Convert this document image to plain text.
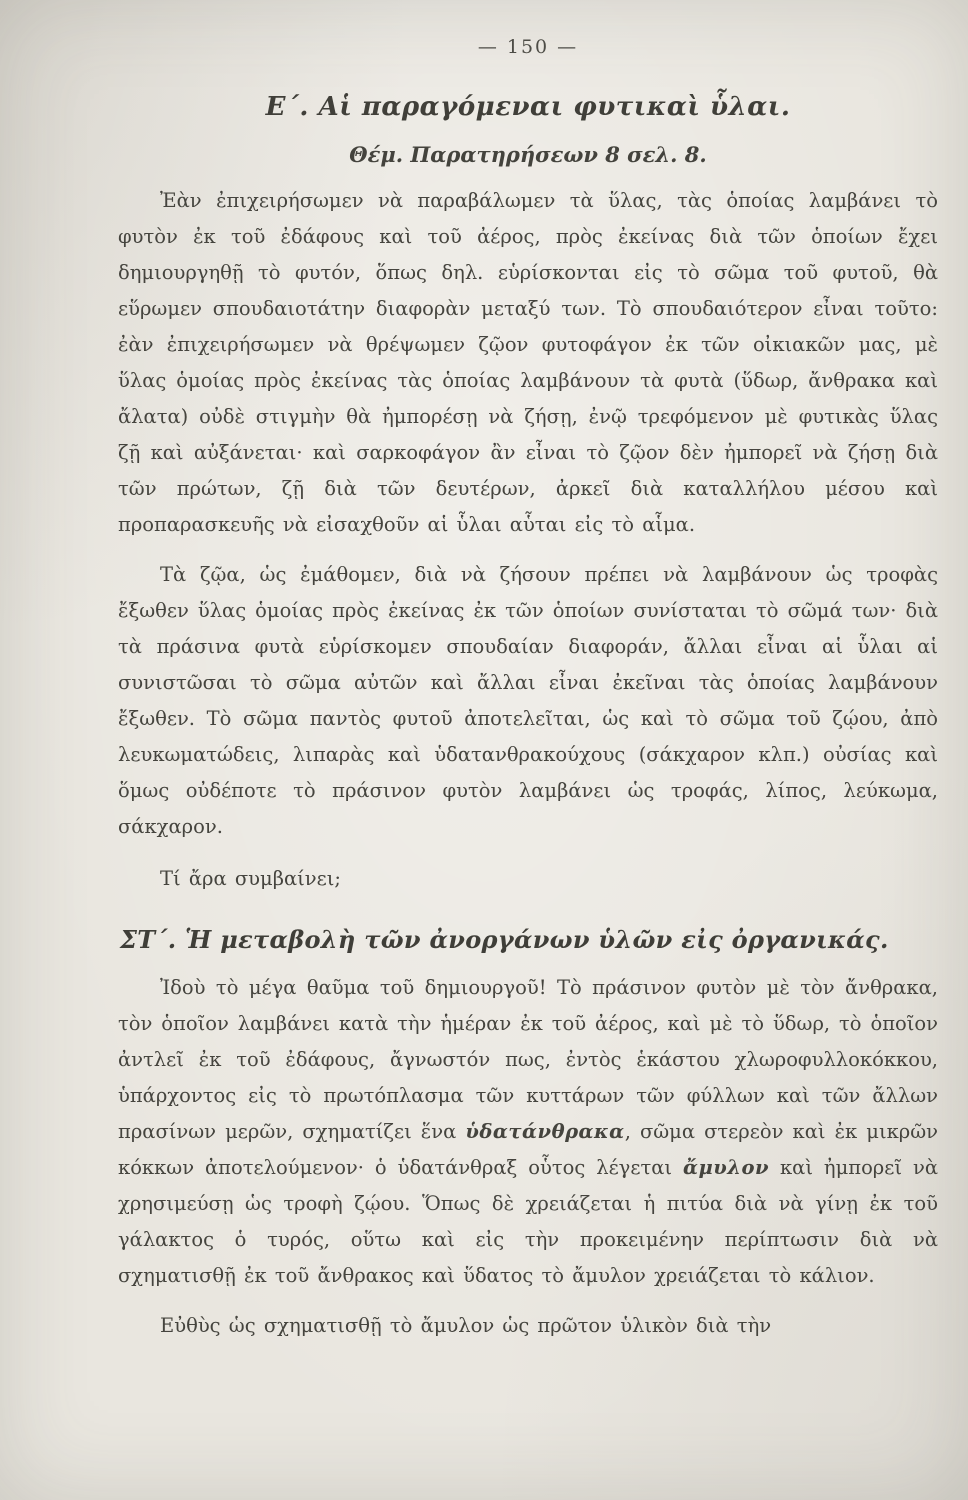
— 150 —
Ε΄. Αἱ παραγόμεναι φυτικαὶ ὗλαι.
Θέμ. Παρατηρήσεων 8 σελ. 8.

Ἐὰν ἐπιχειρήσωμεν νὰ παραβάλωμεν τὰ ὕλας, τὰς ὁποίας λαμβάνει τὸ φυτὸν ἐκ τοῦ ἐδάφους καὶ τοῦ ἀέρος, πρὸς ἐκείνας διὰ τῶν ὁποίων ἔχει δημιουργηθῇ τὸ φυτόν, ὅπως δηλ. εὑρίσκονται εἰς τὸ σῶμα τοῦ φυτοῦ, θὰ εὕρωμεν σπουδαιοτάτην διαφορὰν μεταξύ των. Τὸ σπουδαιότερον εἶναι τοῦτο: ἐὰν ἐπιχειρήσωμεν νὰ θρέψωμεν ζῷον φυτοφάγον ἐκ τῶν οἰκιακῶν μας, μὲ ὕλας ὁμοίας πρὸς ἐκείνας τὰς ὁποίας λαμβάνουν τὰ φυτὰ (ὕδωρ, ἄνθρακα καὶ ἄλατα) οὐδὲ στιγμὴν θὰ ἠμπορέσῃ νὰ ζήσῃ, ἐνῷ τρεφόμενον μὲ φυτικὰς ὕλας ζῇ καὶ αὐξάνεται· καὶ σαρκοφάγον ἂν εἶναι τὸ ζῷον δὲν ἠμπορεῖ νὰ ζήσῃ διὰ τῶν πρώτων, ζῇ διὰ τῶν δευτέρων, ἀρκεῖ διὰ καταλλήλου μέσου καὶ προπαρασκευῆς νὰ εἰσαχθοῦν αἱ ὗλαι αὗται εἰς τὸ αἷμα.

Τὰ ζῷα, ὡς ἐμάθομεν, διὰ νὰ ζήσουν πρέπει νὰ λαμβάνουν ὡς τροφὰς ἔξωθεν ὕλας ὁμοίας πρὸς ἐκείνας ἐκ τῶν ὁποίων συνίσταται τὸ σῶμά των· διὰ τὰ πράσινα φυτὰ εὑρίσκομεν σπουδαίαν διαφοράν, ἄλλαι εἶναι αἱ ὗλαι αἱ συνιστῶσαι τὸ σῶμα αὐτῶν καὶ ἄλλαι εἶναι ἐκεῖναι τὰς ὁποίας λαμβάνουν ἔξωθεν. Τὸ σῶμα παντὸς φυτοῦ ἀποτελεῖται, ὡς καὶ τὸ σῶμα τοῦ ζῴου, ἀπὸ λευκωματώδεις, λιπαρὰς καὶ ὑδατανθρακούχους (σάκχαρον κλπ.) οὐσίας καὶ ὅμως οὐδέποτε τὸ πράσινον φυτὸν λαμβάνει ὡς τροφάς, λίπος, λεύκωμα, σάκχαρον.

Τί ἄρα συμβαίνει;

ΣΤ΄. Ἡ μεταβολὴ τῶν ἀνοργάνων ὑλῶν εἰς ὀργανικάς.

Ἰδοὺ τὸ μέγα θαῦμα τοῦ δημιουργοῦ! Τὸ πράσινον φυτὸν μὲ τὸν ἄνθρακα, τὸν ὁποῖον λαμβάνει κατὰ τὴν ἡμέραν ἐκ τοῦ ἀέρος, καὶ μὲ τὸ ὕδωρ, τὸ ὁποῖον ἀντλεῖ ἐκ τοῦ ἐδάφους, ἄγνωστόν πως, ἐντὸς ἑκάστου χλωροφυλλοκόκκου, ὑπάρχοντος εἰς τὸ πρωτόπλασμα τῶν κυττάρων τῶν φύλλων καὶ τῶν ἄλλων πρασίνων μερῶν, σχηματίζει ἕνα ὑδατάνθρακα, σῶμα στερεὸν καὶ ἐκ μικρῶν κόκκων ἀποτελούμενον· ὁ ὑδατάνθραξ οὗτος λέγεται ἄμυλον καὶ ἠμπορεῖ νὰ χρησιμεύσῃ ὡς τροφὴ ζῴου. Ὅπως δὲ χρειάζεται ἡ πιτύα διὰ νὰ γίνῃ ἐκ τοῦ γάλακτος ὁ τυρός, οὕτω καὶ εἰς τὴν προκειμένην περίπτωσιν διὰ νὰ σχηματισθῇ ἐκ τοῦ ἄνθρακος καὶ ὕδατος τὸ ἄμυλον χρειάζεται τὸ κάλιον.

Εὐθὺς ὡς σχηματισθῇ τὸ ἄμυλον ὡς πρῶτον ὑλικὸν διὰ τὴν
